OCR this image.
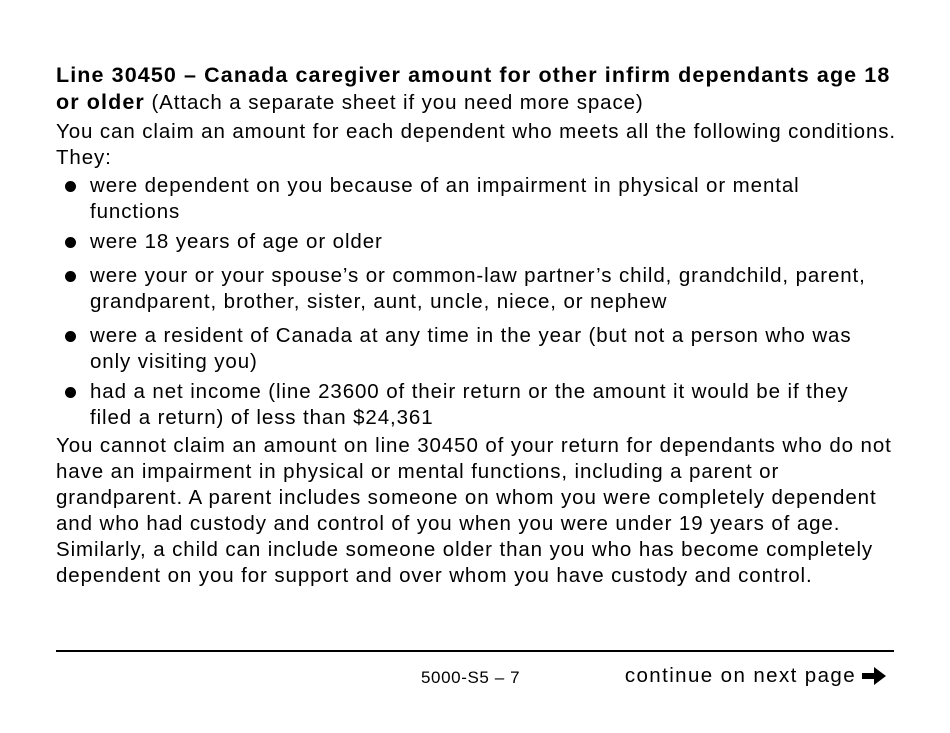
Line 30450 – Canada caregiver amount for other infirm dependants age 18 or older (Attach a separate sheet if you need more space)

You can claim an amount for each dependent who meets all the following conditions. They:

were dependent on you because of an impairment in physical or mental functions
were 18 years of age or older
were your or your spouse’s or common-law partner’s child, grandchild, parent, grandparent, brother, sister, aunt, uncle, niece, or nephew
were a resident of Canada at any time in the year (but not a person who was only visiting you)
had a net income (line 23600 of their return or the amount it would be if they filed a return) of less than $24,361

You cannot claim an amount on line 30450 of your return for dependants who do not have an impairment in physical or mental functions, including a parent or grandparent. A parent includes someone on whom you were completely dependent and who had custody and control of you when you were under 19 years of age. Similarly, a child can include someone older than you who has become completely dependent on you for support and over whom you have custody and control.

5000-S5 – 7	continue on next page
